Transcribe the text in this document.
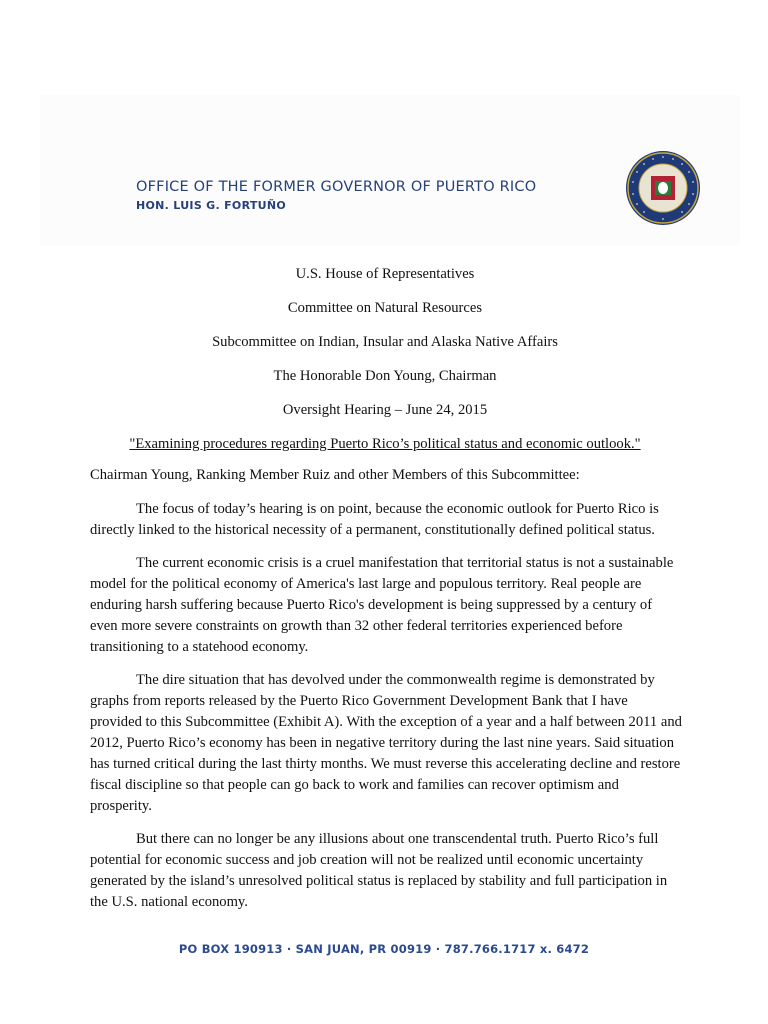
OFFICE OF THE FORMER GOVERNOR OF PUERTO RICO
HON. LUIS G. FORTUÑO
U.S. House of Representatives
Committee on Natural Resources
Subcommittee on Indian, Insular and Alaska Native Affairs
The Honorable Don Young, Chairman
Oversight Hearing – June 24, 2015
"Examining procedures regarding Puerto Rico’s political status and economic outlook."

Chairman Young, Ranking Member Ruiz and other Members of this Subcommittee:

The focus of today’s hearing is on point, because the economic outlook for Puerto Rico is directly linked to the historical necessity of a permanent, constitutionally defined political status.

The current economic crisis is a cruel manifestation that territorial status is not a sustainable model for the political economy of America's last large and populous territory. Real people are enduring harsh suffering because Puerto Rico's development is being suppressed by a century of even more severe constraints on growth than 32 other federal territories experienced before transitioning to a statehood economy.

The dire situation that has devolved under the commonwealth regime is demonstrated by graphs from reports released by the Puerto Rico Government Development Bank that I have provided to this Subcommittee (Exhibit A). With the exception of a year and a half between 2011 and 2012, Puerto Rico’s economy has been in negative territory during the last nine years. Said situation has turned critical during the last thirty months. We must reverse this accelerating decline and restore fiscal discipline so that people can go back to work and families can recover optimism and prosperity.

But there can no longer be any illusions about one transcendental truth. Puerto Rico’s full potential for economic success and job creation will not be realized until economic uncertainty generated by the island’s unresolved political status is replaced by stability and full participation in the U.S. national economy.

PO BOX 190913 · SAN JUAN, PR 00919 · 787.766.1717 x. 6472
